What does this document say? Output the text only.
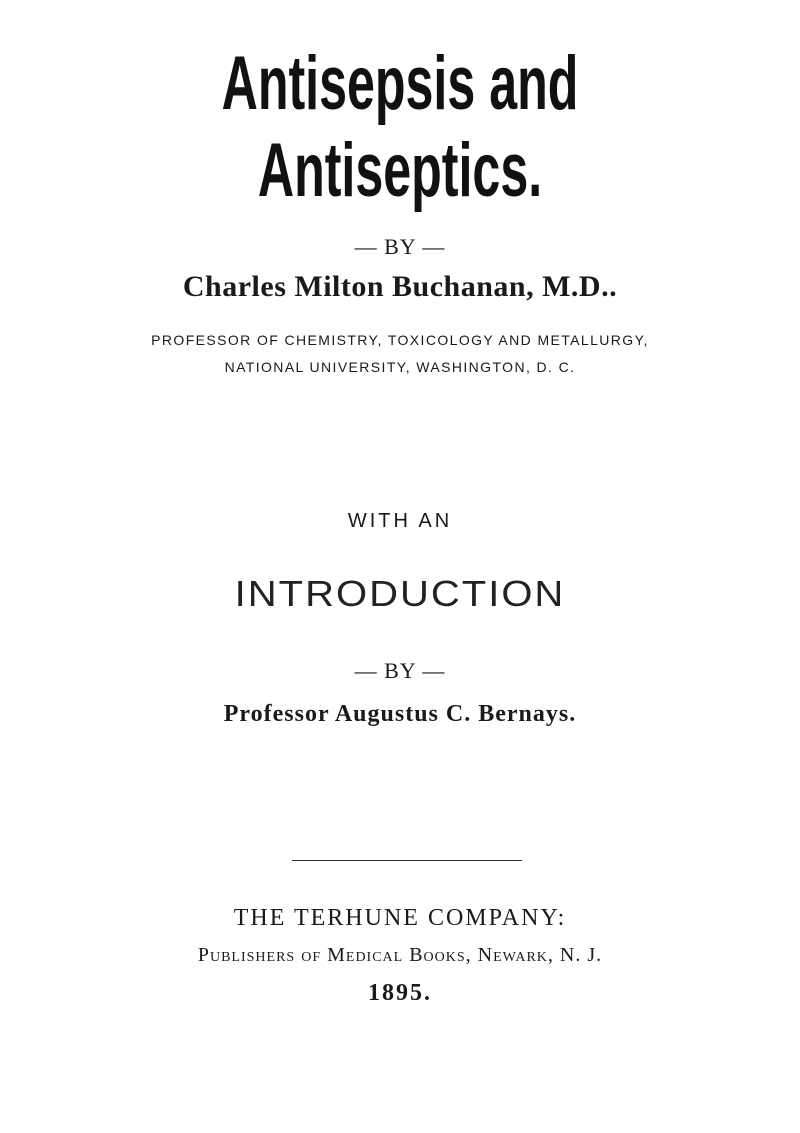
Antisepsis and Antiseptics.
— BY —
Charles Milton Buchanan, M.D..
PROFESSOR OF CHEMISTRY, TOXICOLOGY AND METALLURGY,
NATIONAL UNIVERSITY, WASHINGTON, D. C.
WITH AN
INTRODUCTION
— BY —
Professor Augustus C. Bernays.
THE TERHUNE COMPANY:
Publishers of Medical Books, Newark, N. J.
1895.
